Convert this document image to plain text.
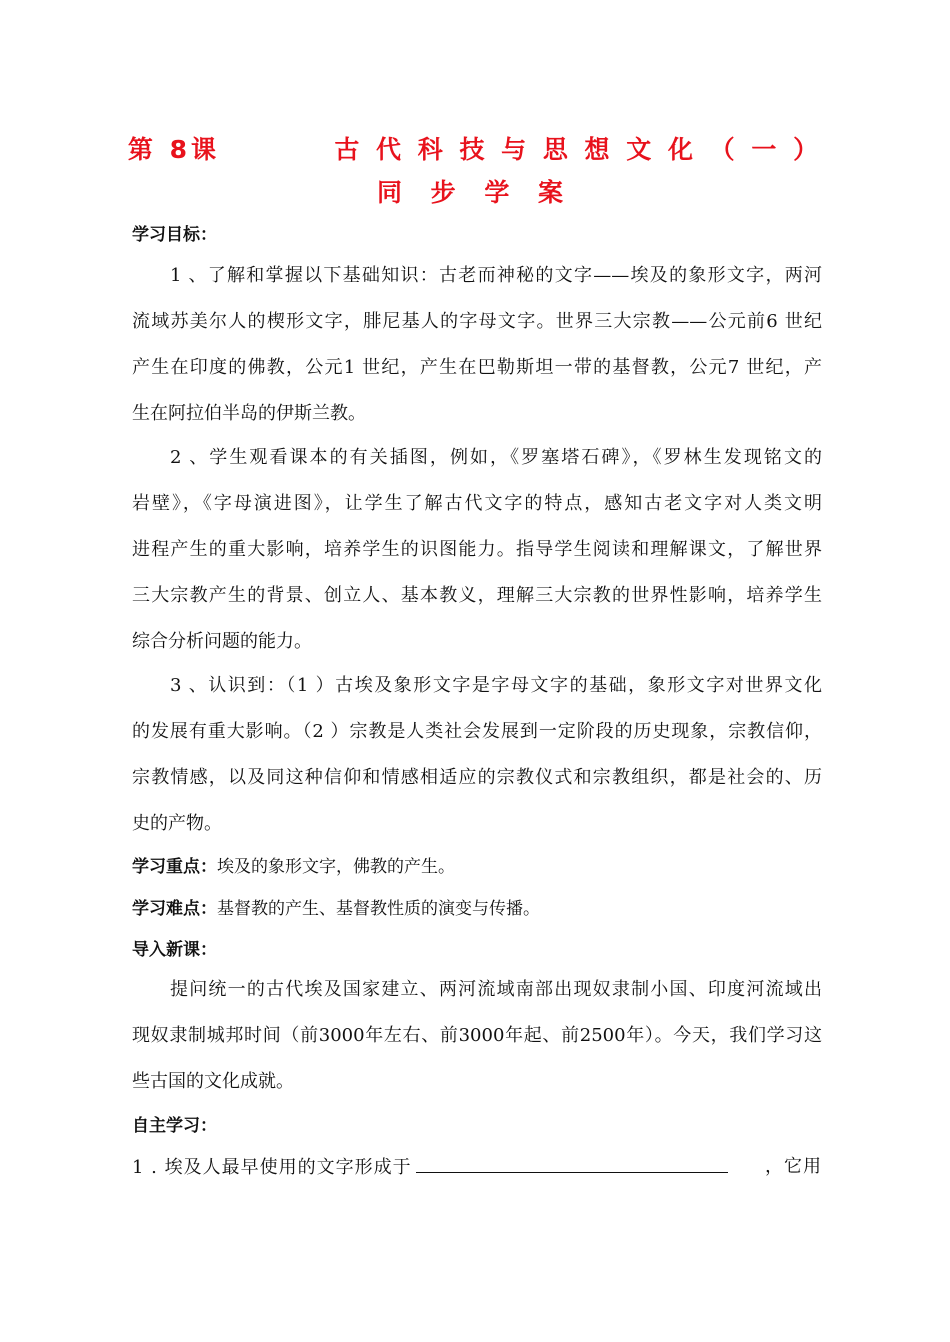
第 8课         古 代 科 技 与 思 想 文 化 （ 一 ）
同 步 学 案
学习目标：
1 、了解和掌握以下基础知识：古老而神秘的文字——埃及的象形文字，两河
流域苏美尔人的楔形文字，腓尼基人的字母文字。世界三大宗教——公元前6 世纪
产生在印度的佛教，公元1 世纪，产生在巴勒斯坦一带的基督教，公元7 世纪，产
生在阿拉伯半岛的伊斯兰教。
2 、学生观看课本的有关插图，例如，《罗塞塔石碑》，《罗林生发现铭文的
岩壁》，《字母演进图》，让学生了解古代文字的特点，感知古老文字对人类文明
进程产生的重大影响，培养学生的识图能力。指导学生阅读和理解课文，了解世界
三大宗教产生的背景、创立人、基本教义，理解三大宗教的世界性影响，培养学生
综合分析问题的能力。
3 、认识到：（1 ）古埃及象形文字是字母文字的基础，象形文字对世界文化
的发展有重大影响。（2 ）宗教是人类社会发展到一定阶段的历史现象，宗教信仰，
宗教情感，以及同这种信仰和情感相适应的宗教仪式和宗教组织，都是社会的、历
史的产物。
学习重点：埃及的象形文字，佛教的产生。
学习难点：基督教的产生、基督教性质的演变与传播。
导入新课：
提问统一的古代埃及国家建立、两河流域南部出现奴隶制小国、印度河流域出
现奴隶制城邦时间（前3000年左右、前3000年起、前2500年）。今天，我们学习这
些古国的文化成就。
自主学习：
1 . 埃及人最早使用的文字形成于	，它用
